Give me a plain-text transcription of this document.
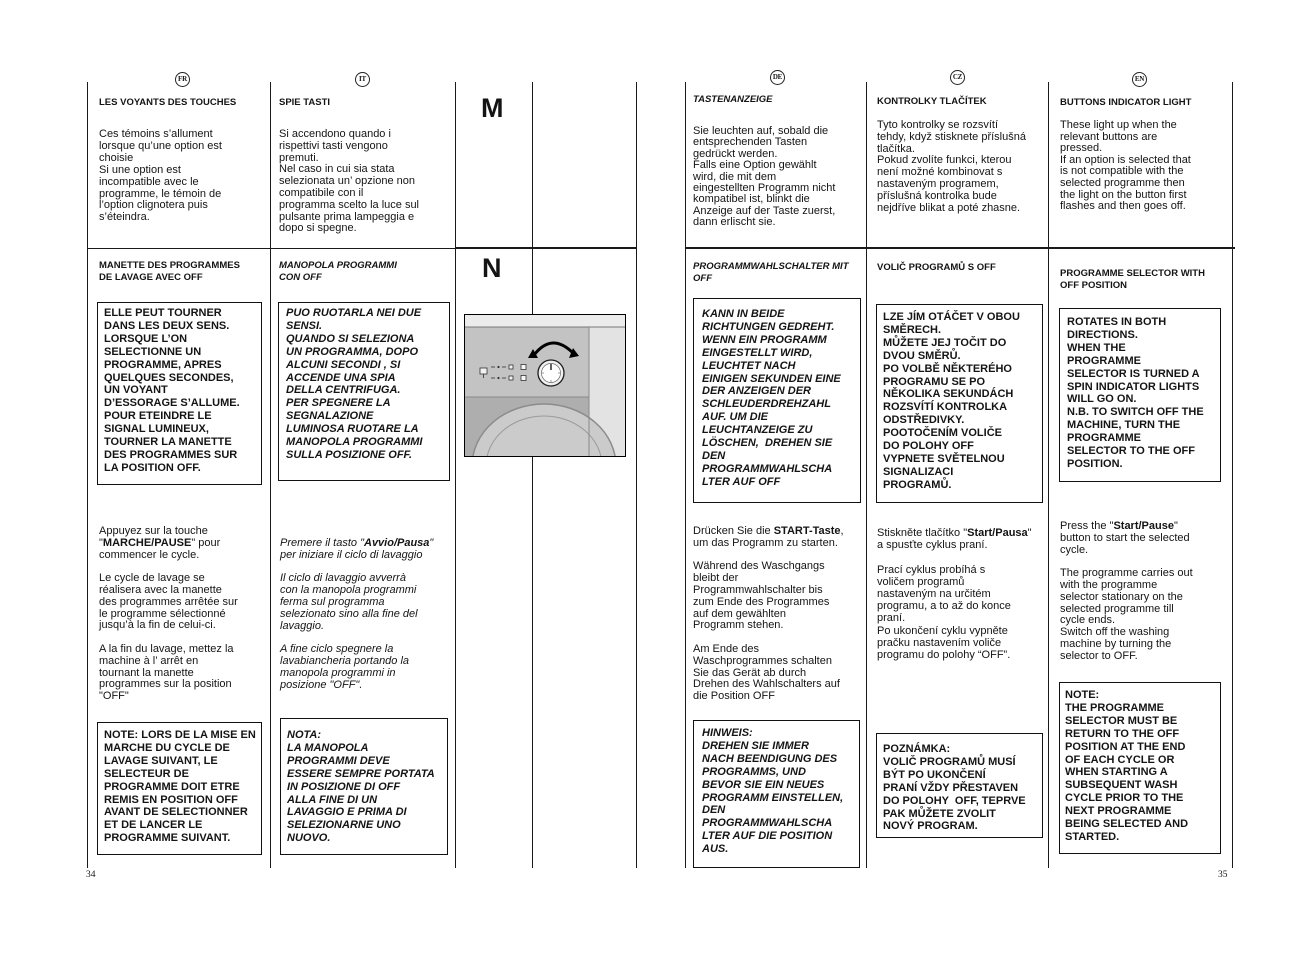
FR	IT	DE	CZ	EN
LES VOYANTS DES TOUCHES
Ces témoins s’allument
lorsque qu’une option est
choisie
Si une option est
incompatible avec le
programme, le témoin de
l’option clignotera puis
s’éteindra.
MANETTE DES PROGRAMMES
DE LAVAGE AVEC OFF
ELLE PEUT TOURNER
DANS LES DEUX SENS.
LORSQUE L’ON
SELECTIONNE UN
PROGRAMME, APRES
QUELQUES SECONDES,
UN VOYANT
D’ESSORAGE S’ALLUME.
POUR ETEINDRE LE
SIGNAL LUMINEUX,
TOURNER LA MANETTE
DES PROGRAMMES SUR
LA POSITION OFF.
Appuyez sur la touche
"MARCHE/PAUSE" pour
commencer le cycle.

Le cycle de lavage se
réalisera avec la manette
des programmes arrêtée sur
le programme sélectionné
jusqu’à la fin de celui-ci.

A la fin du lavage, mettez la
machine à l’ arrêt en
tournant la manette
programmes sur la position
"OFF"
NOTE: LORS DE LA MISE EN
MARCHE DU CYCLE DE
LAVAGE SUIVANT, LE
SELECTEUR DE
PROGRAMME DOIT ETRE
REMIS EN POSITION OFF
AVANT DE SELECTIONNER
ET DE LANCER LE
PROGRAMME SUIVANT.
SPIE TASTI
Si accendono quando i
rispettivi tasti vengono
premuti.
Nel caso in cui sia stata
selezionata un’ opzione non
compatibile con il
programma scelto la luce sul
pulsante prima lampeggia e
dopo si spegne.
MANOPOLA PROGRAMMI
CON OFF
PUO RUOTARLA NEI DUE
SENSI.
QUANDO SI SELEZIONA
UN PROGRAMMA, DOPO
ALCUNI SECONDI , SI
ACCENDE UNA SPIA
DELLA CENTRIFUGA.
PER SPEGNERE LA
SEGNALAZIONE
LUMINOSA RUOTARE LA
MANOPOLA PROGRAMMI
SULLA POSIZIONE OFF.
Premere il tasto "Avvio/Pausa"
per iniziare il ciclo di lavaggio

Il ciclo di lavaggio avverrà
con la manopola programmi
ferma sul programma
selezionato sino alla fine del
lavaggio.

A fine ciclo spegnere la
lavabiancheria portando la
manopola programmi in
posizione "OFF".
NOTA:
LA MANOPOLA
PROGRAMMI DEVE
ESSERE SEMPRE PORTATA
IN POSIZIONE DI OFF
ALLA FINE DI UN
LAVAGGIO E PRIMA DI
SELEZIONARNE UNO
NUOVO.
M
N
TASTENANZEIGE
Sie leuchten auf, sobald die
entsprechenden Tasten
gedrückt werden.
Falls eine Option gewählt
wird, die mit dem
eingestellten Programm nicht
kompatibel ist, blinkt die
Anzeige auf der Taste zuerst,
dann erlischt sie.
PROGRAMMWAHLSCHALTER MIT
OFF
KANN IN BEIDE
RICHTUNGEN GEDREHT.
WENN EIN PROGRAMM
EINGESTELLT WIRD,
LEUCHTET NACH
EINIGEN SEKUNDEN EINE
DER ANZEIGEN DER
SCHLEUDERDREHZAHL
AUF. UM DIE
LEUCHTANZEIGE ZU
LÖSCHEN,  DREHEN SIE
DEN
PROGRAMMWAHLSCHA
LTER AUF OFF
Drücken Sie die START-Taste,
um das Programm zu starten.

Während des Waschgangs
bleibt der
Programmwahlschalter bis
zum Ende des Programmes
auf dem gewählten
Programm stehen.

Am Ende des
Waschprogrammes schalten
Sie das Gerät ab durch
Drehen des Wahlschalters auf
die Position OFF
HINWEIS:
DREHEN SIE IMMER
NACH BEENDIGUNG DES
PROGRAMMS, UND
BEVOR SIE EIN NEUES
PROGRAMM EINSTELLEN,
DEN
PROGRAMMWAHLSCHA
LTER AUF DIE POSITION
AUS.
KONTROLKY TLAČÍTEK
Tyto kontrolky se rozsvítí
tehdy, když stisknete příslušná
tlačítka.
Pokud zvolíte funkci, kterou
není možné kombinovat s
nastaveným programem,
příslušná kontrolka bude
nejdříve blikat a poté zhasne.
VOLIČ PROGRAMŮ S OFF
LZE JÍM OTÁČET V OBOU
SMĚRECH.
MŮŽETE JEJ TOČIT DO
DVOU SMĚRŮ.
PO VOLBĚ NĚKTERÉHO
PROGRAMU SE PO
NĚKOLIKA SEKUNDÁCH
ROZSVÍTÍ KONTROLKA
ODSTŘEDIVKY.
POOTOČENÍM VOLIČE
DO POLOHY OFF
VYPNETE SVĚTELNOU
SIGNALIZACI
PROGRAMŮ.
Stiskněte tlačítko "Start/Pausa"
a spusťte cyklus praní.

Prací cyklus probíhá s
voličem programů
nastaveným na určitém
programu, a to až do konce
praní.
Po ukončení cyklu vypněte
pračku nastavením voliče
programu do polohy “OFF”.
POZNÁMKA:
VOLIČ PROGRAMŮ MUSÍ
BÝT PO UKONČENÍ
PRANÍ VŽDY PŘESTAVEN
DO POLOHY  OFF, TEPRVE
PAK MŮŽETE ZVOLIT
NOVÝ PROGRAM.
BUTTONS INDICATOR LIGHT
These light up when the
relevant buttons are
pressed.
If an option is selected that
is not compatible with the
selected programme then
the light on the button first
flashes and then goes off.
PROGRAMME SELECTOR WITH
OFF POSITION
ROTATES IN BOTH
DIRECTIONS.
WHEN THE
PROGRAMME
SELECTOR IS TURNED A
SPIN INDICATOR LIGHTS
WILL GO ON.
N.B. TO SWITCH OFF THE
MACHINE, TURN THE
PROGRAMME
SELECTOR TO THE OFF
POSITION.
Press the "Start/Pause"
button to start the selected
cycle.

The programme carries out
with the programme
selector stationary on the
selected programme till
cycle ends.
Switch off the washing
machine by turning the
selector to OFF.
NOTE:
THE PROGRAMME
SELECTOR MUST BE
RETURN TO THE OFF
POSITION AT THE END
OF EACH CYCLE OR
WHEN STARTING A
SUBSEQUENT WASH
CYCLE PRIOR TO THE
NEXT PROGRAMME
BEING SELECTED AND
STARTED.
34	35
